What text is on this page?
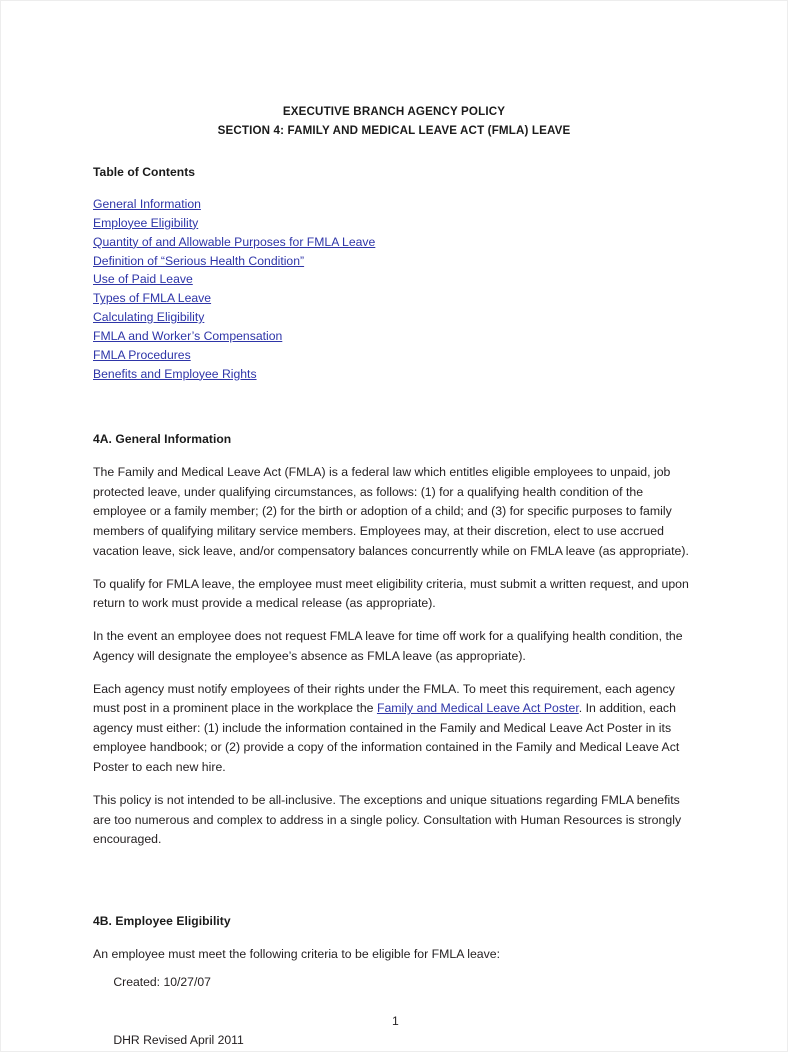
EXECUTIVE BRANCH AGENCY POLICY
SECTION 4: FAMILY AND MEDICAL LEAVE ACT (FMLA) LEAVE
Table of Contents
General Information
Employee Eligibility
Quantity of and Allowable Purposes for FMLA Leave
Definition of “Serious Health Condition”
Use of Paid Leave
Types of FMLA Leave
Calculating Eligibility
FMLA and Worker’s Compensation
FMLA Procedures
Benefits and Employee Rights
4A. General Information

The Family and Medical Leave Act (FMLA) is a federal law which entitles eligible employees to unpaid, job protected leave, under qualifying circumstances, as follows: (1) for a qualifying health condition of the employee or a family member; (2) for the birth or adoption of a child; and (3) for specific purposes to family members of qualifying military service members. Employees may, at their discretion, elect to use accrued vacation leave, sick leave, and/or compensatory balances concurrently while on FMLA leave (as appropriate).

To qualify for FMLA leave, the employee must meet eligibility criteria, must submit a written request, and upon return to work must provide a medical release (as appropriate).

In the event an employee does not request FMLA leave for time off work for a qualifying health condition, the Agency will designate the employee’s absence as FMLA leave (as appropriate).

Each agency must notify employees of their rights under the FMLA. To meet this requirement, each agency must post in a prominent place in the workplace the Family and Medical Leave Act Poster. In addition, each agency must either: (1) include the information contained in the Family and Medical Leave Act Poster in its employee handbook; or (2) provide a copy of the information contained in the Family and Medical Leave Act Poster to each new hire.

This policy is not intended to be all-inclusive. The exceptions and unique situations regarding FMLA benefits are too numerous and complex to address in a single policy. Consultation with Human Resources is strongly encouraged.

4B. Employee Eligibility

An employee must meet the following criteria to be eligible for FMLA leave:

Created: 10/27/07

DHR Revised April 2011

1
